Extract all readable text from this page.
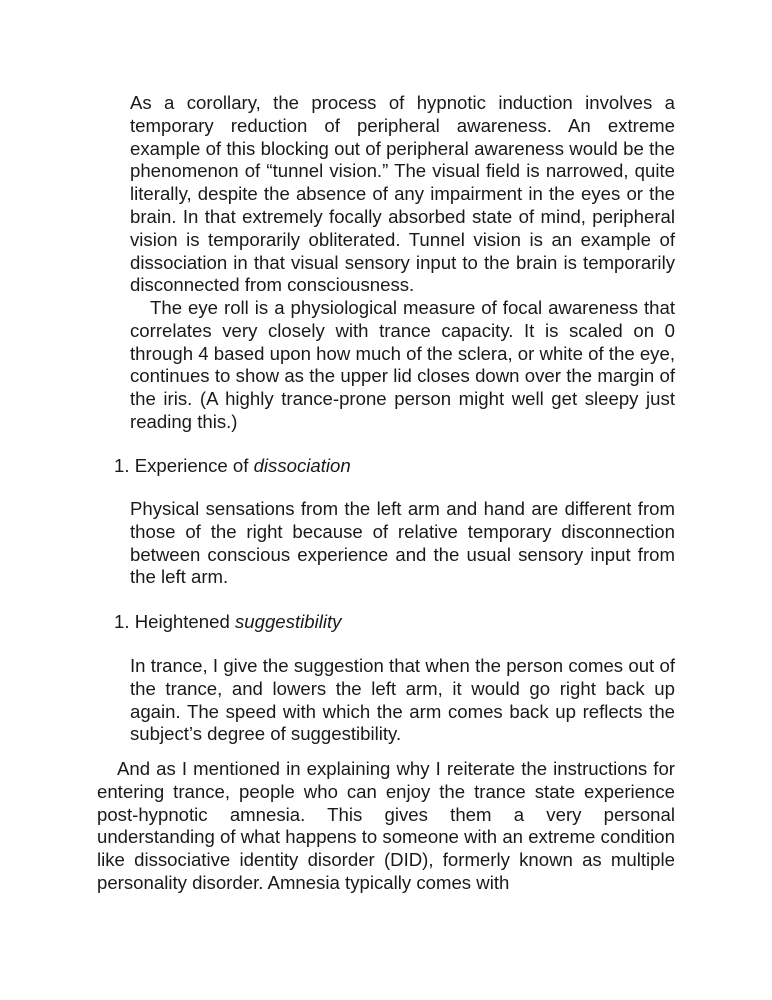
As a corollary, the process of hypnotic induction involves a temporary reduction of peripheral awareness. An extreme example of this blocking out of peripheral awareness would be the phenomenon of “tunnel vision.” The visual field is narrowed, quite literally, despite the absence of any impairment in the eyes or the brain. In that extremely focally absorbed state of mind, peripheral vision is temporarily obliterated. Tunnel vision is an example of dissociation in that visual sensory input to the brain is temporarily disconnected from consciousness.

The eye roll is a physiological measure of focal awareness that correlates very closely with trance capacity. It is scaled on 0 through 4 based upon how much of the sclera, or white of the eye, continues to show as the upper lid closes down over the margin of the iris. (A highly trance-prone person might well get sleepy just reading this.)

1. Experience of dissociation

Physical sensations from the left arm and hand are different from those of the right because of relative temporary disconnection between conscious experience and the usual sensory input from the left arm.

1. Heightened suggestibility

In trance, I give the suggestion that when the person comes out of the trance, and lowers the left arm, it would go right back up again. The speed with which the arm comes back up reflects the subject’s degree of suggestibility.

And as I mentioned in explaining why I reiterate the instructions for entering trance, people who can enjoy the trance state experience post-hypnotic amnesia. This gives them a very personal understanding of what happens to someone with an extreme condition like dissociative identity disorder (DID), formerly known as multiple personality disorder. Amnesia typically comes with
